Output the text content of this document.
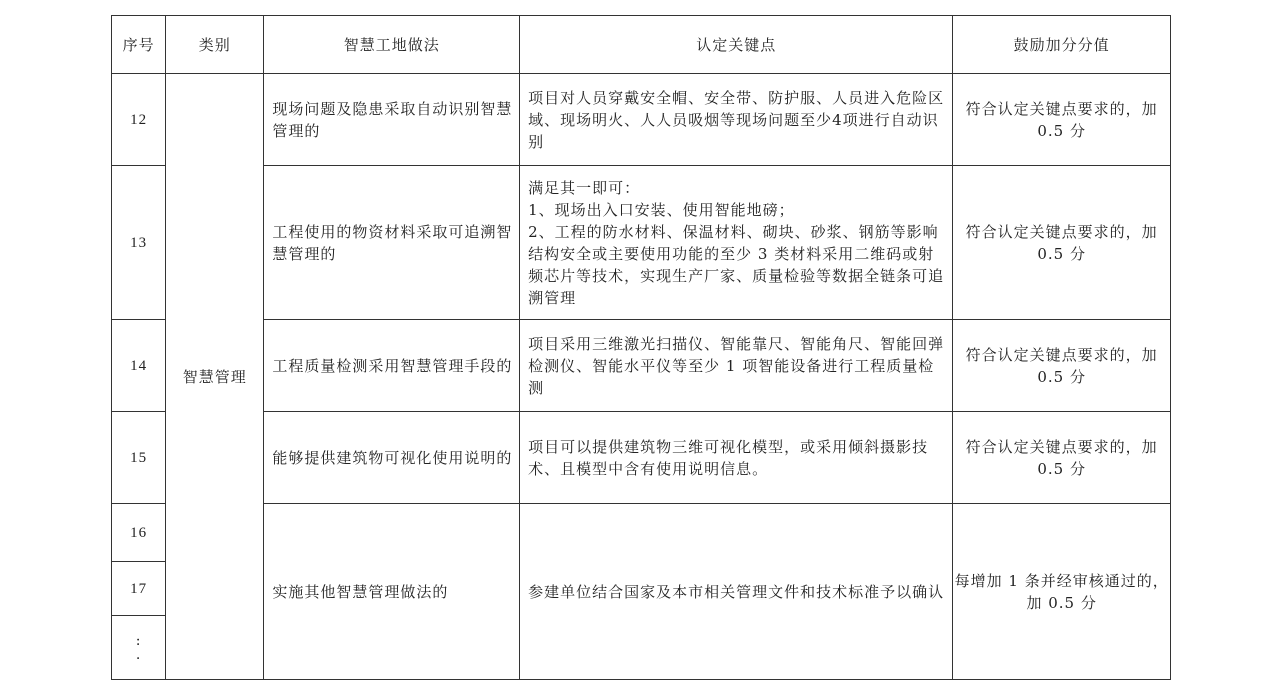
序号	类别	智慧工地做法	认定关键点	鼓励加分分值
12	智慧管理	现场问题及隐患采取自动识别智慧管理的	项目对人员穿戴安全帽、安全带、防护服、人员进入危险区域、现场明火、人人员吸烟等现场问题至少4项进行自动识别	符合认定关键点要求的，加 0.5 分
13		工程使用的物资材料采取可追溯智慧管理的	满足其一即可：
1、现场出入口安装、使用智能地磅；
2、工程的防水材料、保温材料、砌块、砂浆、钢筋等影响结构安全或主要使用功能的至少 3 类材料采用二维码或射频芯片等技术，实现生产厂家、质量检验等数据全链条可追溯管理	符合认定关键点要求的，加 0.5 分
14		工程质量检测采用智慧管理手段的	项目采用三维激光扫描仪、智能靠尺、智能角尺、智能回弹检测仪、智能水平仪等至少 1 项智能设备进行工程质量检测	符合认定关键点要求的，加 0.5 分
15		能够提供建筑物可视化使用说明的	项目可以提供建筑物三维可视化模型，或采用倾斜摄影技术、且模型中含有使用说明信息。	符合认定关键点要求的，加 0.5 分
16		实施其他智慧管理做法的	参建单位结合国家及本市相关管理文件和技术标准予以确认	每增加 1 条并经审核通过的，加 0.5 分
17				

:
.				
